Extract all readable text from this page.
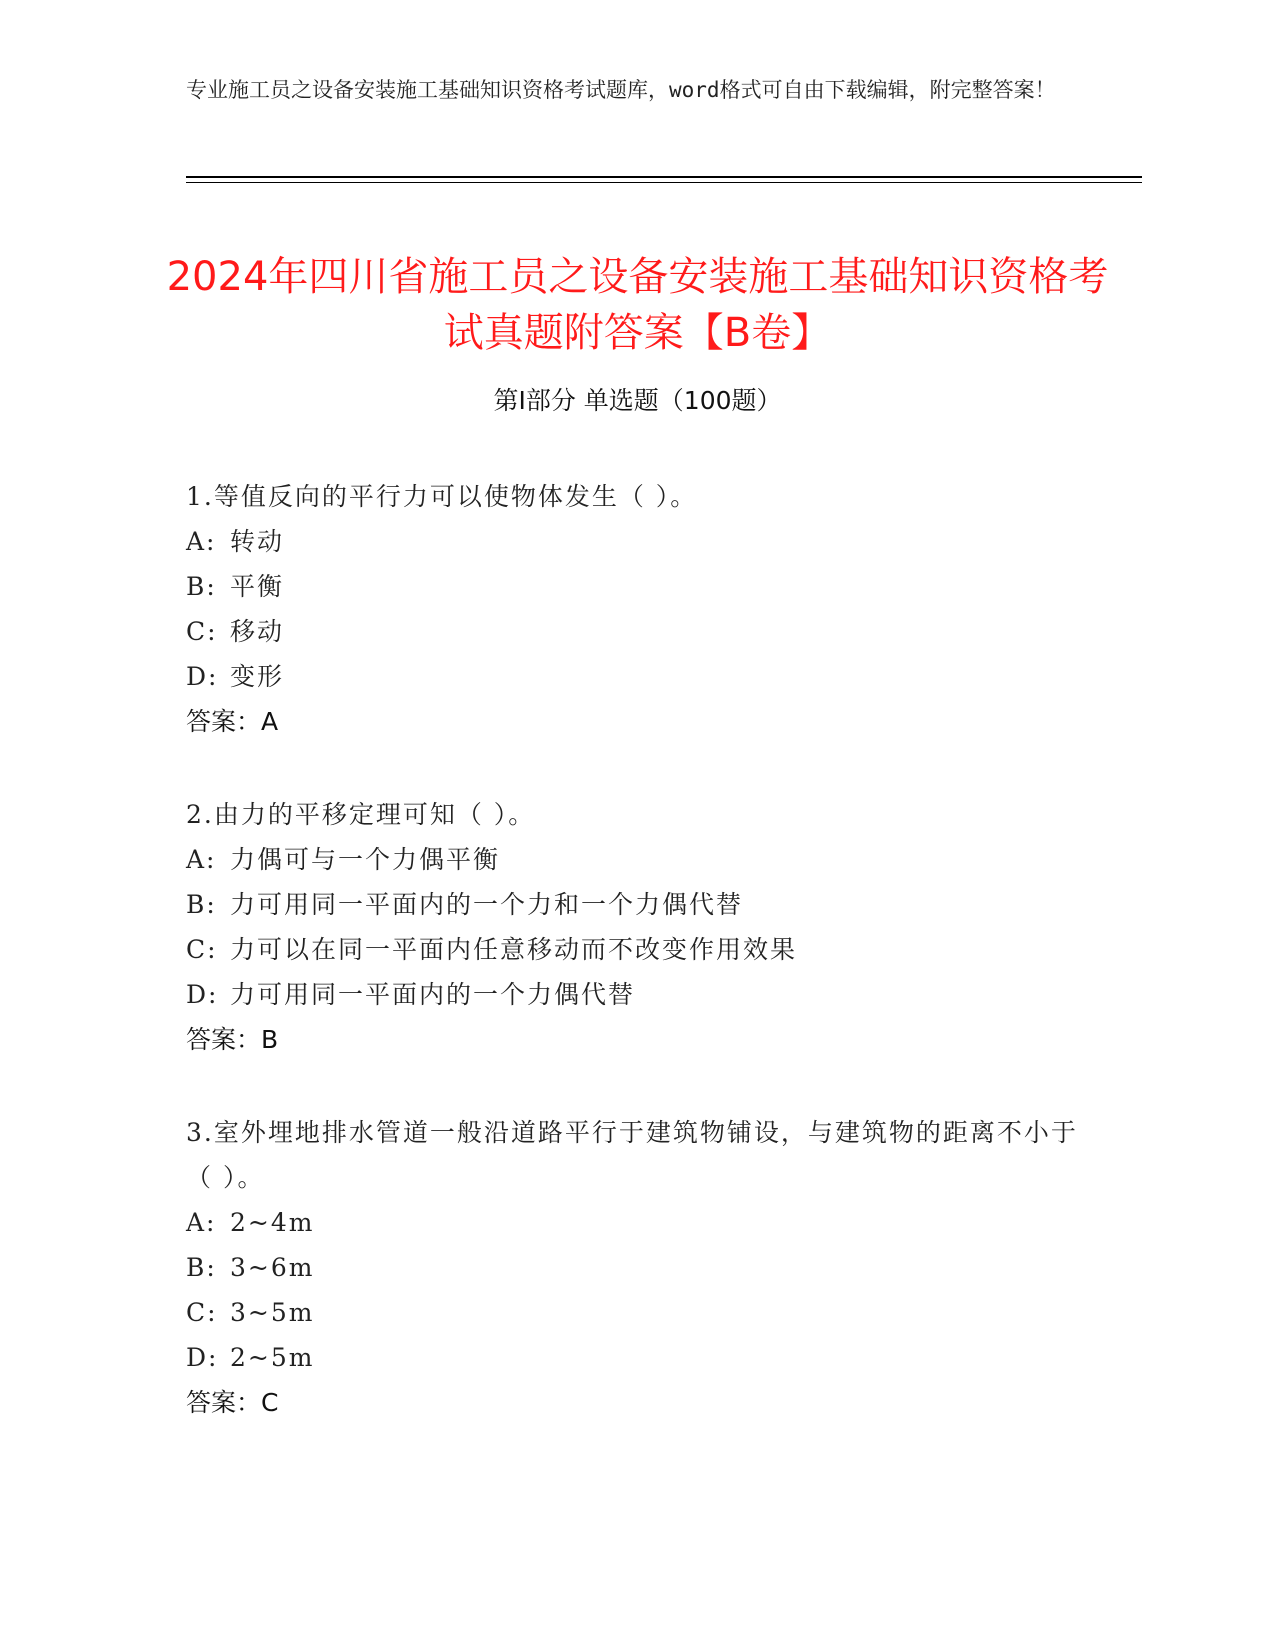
专业施工员之设备安装施工基础知识资格考试题库，word格式可自由下载编辑，附完整答案！
2024年四川省施工员之设备安装施工基础知识资格考试真题附答案【B卷】
第I部分 单选题（100题）

1.等值反向的平行力可以使物体发生（ ）。

A: 转动
B: 平衡
C: 移动
D: 变形
答案：A

2.由力的平移定理可知（ ）。

A: 力偶可与一个力偶平衡
B: 力可用同一平面内的一个力和一个力偶代替
C: 力可以在同一平面内任意移动而不改变作用效果
D: 力可用同一平面内的一个力偶代替
答案：B

3.室外埋地排水管道一般沿道路平行于建筑物铺设，与建筑物的距离不小于（ ）。

A: 2~4m
B: 3~6m
C: 3~5m
D: 2~5m
答案：C
